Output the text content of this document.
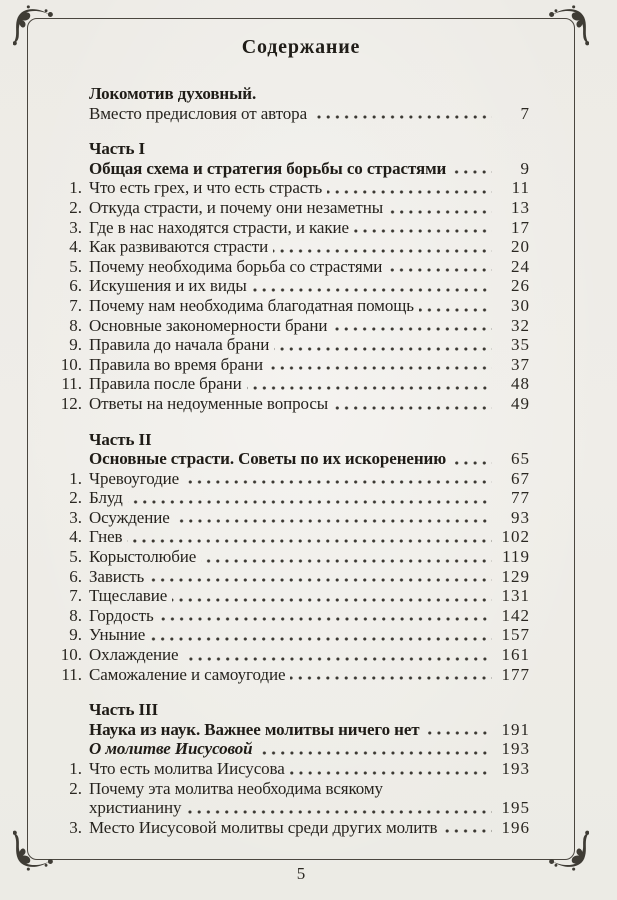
Содержание
Локомотив духовный.
Вместо предисловия от автора	7
Часть I
Общая схема и стратегия борьбы со страстями	9
1. Что есть грех, и что есть страсть	11
2. Откуда страсти, и почему они незаметны	13
3. Где в нас находятся страсти, и какие	17
4. Как развиваются страсти	20
5. Почему необходима борьба со страстями	24
6. Искушения и их виды	26
7. Почему нам необходима благодатная помощь	30
8. Основные закономерности брани	32
9. Правила до начала брани	35
10. Правила во время брани	37
11. Правила после брани	48
12. Ответы на недоуменные вопросы	49
Часть II
Основные страсти. Советы по их искоренению	65
1. Чревоугодие	67
2. Блуд	77
3. Осуждение	93
4. Гнев	102
5. Корыстолюбие	119
6. Зависть	129
7. Тщеславие	131
8. Гордость	142
9. Уныние	157
10. Охлаждение	161
11. Саможаление и самоугодие	177
Часть III
Наука из наук. Важнее молитвы ничего нет	191
О молитве Иисусовой	193
1. Что есть молитва Иисусова	193
2. Почему эта молитва необходима всякому
христианину	195
3. Место Иисусовой молитвы среди других молитв	196
5
